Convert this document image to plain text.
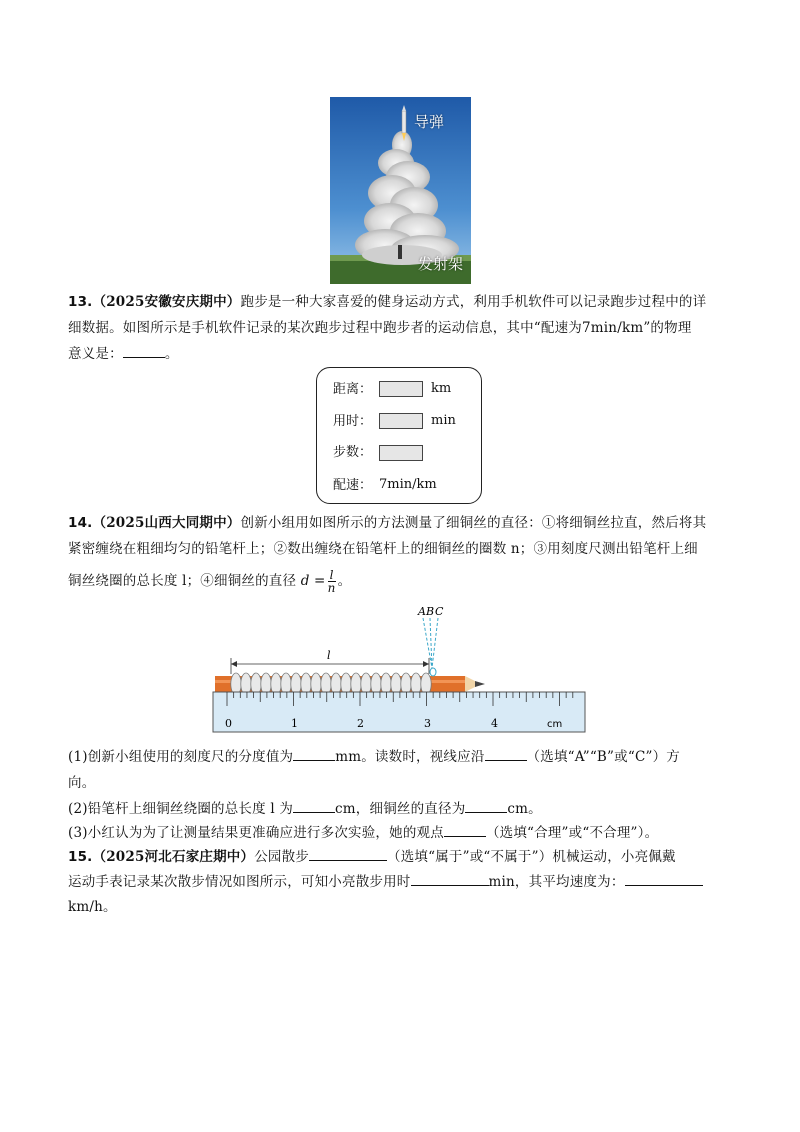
导弹
发射架
13.（2025安徽安庆期中）跑步是一种大家喜爱的健身运动方式，利用手机软件可以记录跑步过程中的详
细数据。如图所示是手机软件记录的某次跑步过程中跑步者的运动信息，其中“配速为7min/km”的物理
意义是：	。
距离：	km
用时：	min
步数：
配速： 7min/km
14.（2025山西大同期中）创新小组用如图所示的方法测量了细铜丝的直径：①将细铜丝拉直，然后将其
紧密缠绕在粗细均匀的铅笔杆上；②数出缠绕在铅笔杆上的细铜丝的圈数 n；③用刻度尺测出铅笔杆上细
铜丝绕圈的总长度 l；④细铜丝的直径 $d = \frac{l}{n}$ 。
A B C
l
0	1	2	3	4	cm
(1)创新小组使用的刻度尺的分度值为	mm。读数时，视线应沿	（选填“A”“B”或“C”）方
向。
(2)铅笔杆上细铜丝绕圈的总长度 l 为	cm，细铜丝的直径为	cm。
(3)小红认为为了让测量结果更准确应进行多次实验，她的观点	（选填“合理”或“不合理”）。
15.（2025河北石家庄期中）公园散步	（选填“属于”或“不属于”）机械运动，小亮佩戴
运动手表记录某次散步情况如图所示，可知小亮散步用时	min，其平均速度为：
km/h。
